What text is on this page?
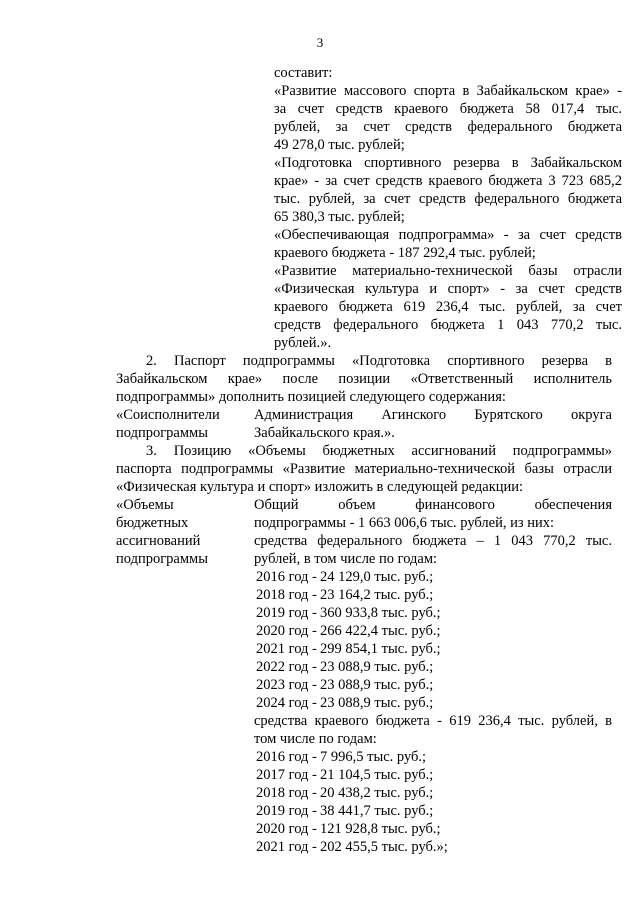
3
составит:
«Развитие массового спорта в Забайкальском крае» -
за счет средств краевого бюджета 58 017,4 тыс.
рублей, за счет средств федерального бюджета
49 278,0 тыс. рублей;
«Подготовка спортивного резерва в Забайкальском
крае» - за счет средств краевого бюджета 3 723 685,2
тыс. рублей, за счет средств федерального бюджета
65 380,3 тыс. рублей;
«Обеспечивающая подпрограмма» - за счет средств
краевого бюджета - 187 292,4 тыс. рублей;
«Развитие материально-технической базы отрасли
«Физическая культура и спорт» - за счет средств
краевого бюджета 619 236,4 тыс. рублей, за счет
средств федерального бюджета 1 043 770,2 тыс.
рублей.».
2. Паспорт подпрограммы «Подготовка спортивного резерва в
Забайкальском крае» после позиции «Ответственный исполнитель
подпрограммы» дополнить позицией следующего содержания:
«Соисполнители
подпрограммы
Администрация Агинского Бурятского округа
Забайкальского края.».
3. Позицию «Объемы бюджетных ассигнований подпрограммы»
паспорта подпрограммы «Развитие материально-технической базы отрасли
«Физическая культура и спорт» изложить в следующей редакции:
«Объемы
бюджетных
ассигнований
подпрограммы
Общий объем финансового обеспечения
подпрограммы - 1 663 006,6 тыс. рублей, из них:
средства федерального бюджета – 1 043 770,2 тыс.
рублей, в том числе по годам:
2016 год - 24 129,0 тыс. руб.;
2018 год - 23 164,2 тыс. руб.;
2019 год - 360 933,8 тыс. руб.;
2020 год - 266 422,4 тыс. руб.;
2021 год - 299 854,1 тыс. руб.;
2022 год - 23 088,9 тыс. руб.;
2023 год - 23 088,9 тыс. руб.;
2024 год - 23 088,9 тыс. руб.;
средства краевого бюджета - 619 236,4 тыс. рублей, в
том числе по годам:
2016 год - 7 996,5 тыс. руб.;
2017 год - 21 104,5 тыс. руб.;
2018 год - 20 438,2 тыс. руб.;
2019 год - 38 441,7 тыс. руб.;
2020 год - 121 928,8 тыс. руб.;
2021 год - 202 455,5 тыс. руб.»;
